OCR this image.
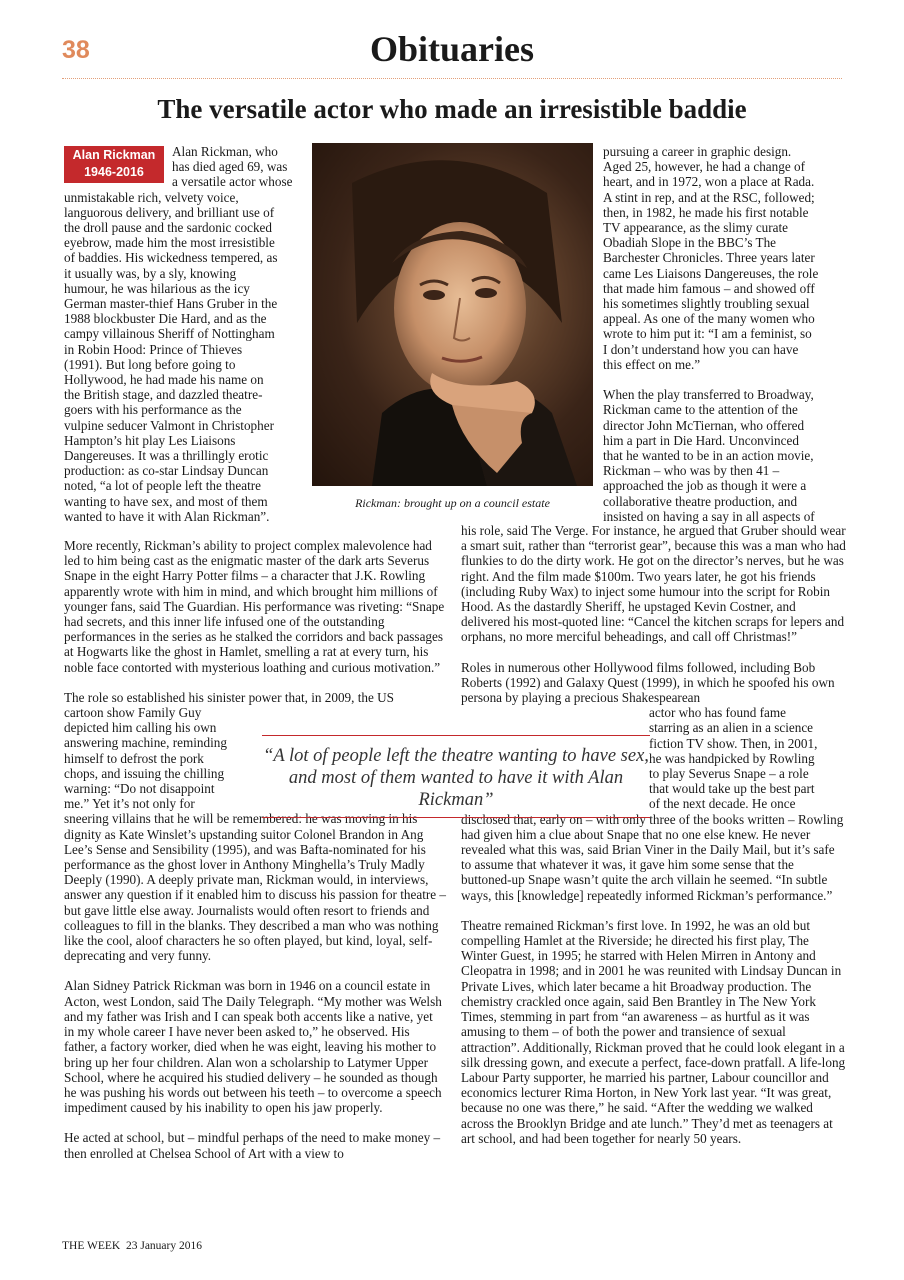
38	Obituaries
The versatile actor who made an irresistible baddie
Alan Rickman
1946-2016
Alan Rickman, who
has died aged 69, was
a versatile actor whose
unmistakable rich, velvety voice,
languorous delivery, and brilliant use of
the droll pause and the sardonic cocked
eyebrow, made him the most irresistible
of baddies. His wickedness tempered, as
it usually was, by a sly, knowing
humour, he was hilarious as the icy
German master-thief Hans Gruber in the
1988 blockbuster Die Hard, and as the
campy villainous Sheriff of Nottingham
in Robin Hood: Prince of Thieves
(1991). But long before going to
Hollywood, he had made his name on
the British stage, and dazzled theatre-
goers with his performance as the
vulpine seducer Valmont in Christopher
Hampton’s hit play Les Liaisons
Dangereuses. It was a thrillingly erotic
production: as co-star Lindsay Duncan
noted, “a lot of people left the theatre
wanting to have sex, and most of them
wanted to have it with Alan Rickman”.
Rickman: brought up on a council estate
pursuing a career in graphic design.
Aged 25, however, he had a change of
heart, and in 1972, won a place at Rada.
A stint in rep, and at the RSC, followed;
then, in 1982, he made his first notable
TV appearance, as the slimy curate
Obadiah Slope in the BBC’s The
Barchester Chronicles. Three years later
came Les Liaisons Dangereuses, the role
that made him famous – and showed off
his sometimes slightly troubling sexual
appeal. As one of the many women who
wrote to him put it: “I am a feminist, so
I don’t understand how you can have
this effect on me.”
When the play transferred to Broadway,
Rickman came to the attention of the
director John McTiernan, who offered
him a part in Die Hard. Unconvinced
that he wanted to be in an action movie,
Rickman – who was by then 41 –
approached the job as though it were a
collaborative theatre production, and
insisted on having a say in all aspects of

More recently, Rickman’s ability to project complex malevolence had led to him being cast as the enigmatic master of the dark arts Severus Snape in the eight Harry Potter films – a character that J.K. Rowling apparently wrote with him in mind, and which brought him millions of younger fans, said The Guardian. His performance was riveting: “Snape had secrets, and this inner life infused one of the outstanding performances in the series as he stalked the corridors and back passages at Hogwarts like the ghost in Hamlet, smelling a rat at every turn, his noble face contorted with mysterious loathing and curious motivation.”

The role so established his sinister power that, in 2009, the US
cartoon show Family Guy
depicted him calling his own
answering machine, reminding
himself to defrost the pork
chops, and issuing the chilling
warning: “Do not disappoint
me.” Yet it’s not only for

sneering villains that he will be remembered: he was moving in his dignity as Kate Winslet’s upstanding suitor Colonel Brandon in Ang Lee’s Sense and Sensibility (1995), and was Bafta-nominated for his performance as the ghost lover in Anthony Minghella’s Truly Madly Deeply (1990). A deeply private man, Rickman would, in interviews, answer any question if it enabled him to discuss his passion for theatre – but gave little else away. Journalists would often resort to friends and colleagues to fill in the blanks. They described a man who was nothing like the cool, aloof characters he so often played, but kind, loyal, self-deprecating and very funny.

Alan Sidney Patrick Rickman was born in 1946 on a council estate in Acton, west London, said The Daily Telegraph. “My mother was Welsh and my father was Irish and I can speak both accents like a native, yet in my whole career I have never been asked to,” he observed. His father, a factory worker, died when he was eight, leaving his mother to bring up her four children. Alan won a scholarship to Latymer Upper School, where he acquired his studied delivery – he sounded as though he was pushing his words out between his teeth – to overcome a speech impediment caused by his inability to open his jaw properly.

He acted at school, but – mindful perhaps of the need to make money – then enrolled at Chelsea School of Art with a view to

his role, said The Verge. For instance, he argued that Gruber should wear a smart suit, rather than “terrorist gear”, because this was a man who had flunkies to do the dirty work. He got on the director’s nerves, but he was right. And the film made $100m. Two years later, he got his friends (including Ruby Wax) to inject some humour into the script for Robin Hood. As the dastardly Sheriff, he upstaged Kevin Costner, and delivered his most-quoted line: “Cancel the kitchen scraps for lepers and orphans, no more merciful beheadings, and call off Christmas!”

Roles in numerous other Hollywood films followed, including Bob Roberts (1992) and Galaxy Quest (1999), in which he spoofed his own persona by playing a precious Shakespearean
actor who has found fame
starring as an alien in a science
fiction TV show. Then, in 2001,
he was handpicked by Rowling
to play Severus Snape – a role
that would take up the best part
of the next decade. He once

disclosed that, early on – with only three of the books written – Rowling had given him a clue about Snape that no one else knew. He never revealed what this was, said Brian Viner in the Daily Mail, but it’s safe to assume that whatever it was, it gave him some sense that the buttoned-up Snape wasn’t quite the arch villain he seemed. “In subtle ways, this [knowledge] repeatedly informed Rickman’s performance.”

Theatre remained Rickman’s first love. In 1992, he was an old but compelling Hamlet at the Riverside; he directed his first play, The Winter Guest, in 1995; he starred with Helen Mirren in Antony and Cleopatra in 1998; and in 2001 he was reunited with Lindsay Duncan in Private Lives, which later became a hit Broadway production. The chemistry crackled once again, said Ben Brantley in The New York Times, stemming in part from “an awareness – as hurtful as it was amusing to them – of both the power and transience of sexual attraction”. Additionally, Rickman proved that he could look elegant in a silk dressing gown, and execute a perfect, face-down pratfall. A life-long Labour Party supporter, he married his partner, Labour councillor and economics lecturer Rima Horton, in New York last year. “It was great, because no one was there,” he said. “After the wedding we walked across the Brooklyn Bridge and ate lunch.” They’d met as teenagers at art school, and had been together for nearly 50 years.

“A lot of people left the theatre wanting to have sex, and most of them wanted to have it with Alan Rickman”
THE WEEK  23 January 2016
